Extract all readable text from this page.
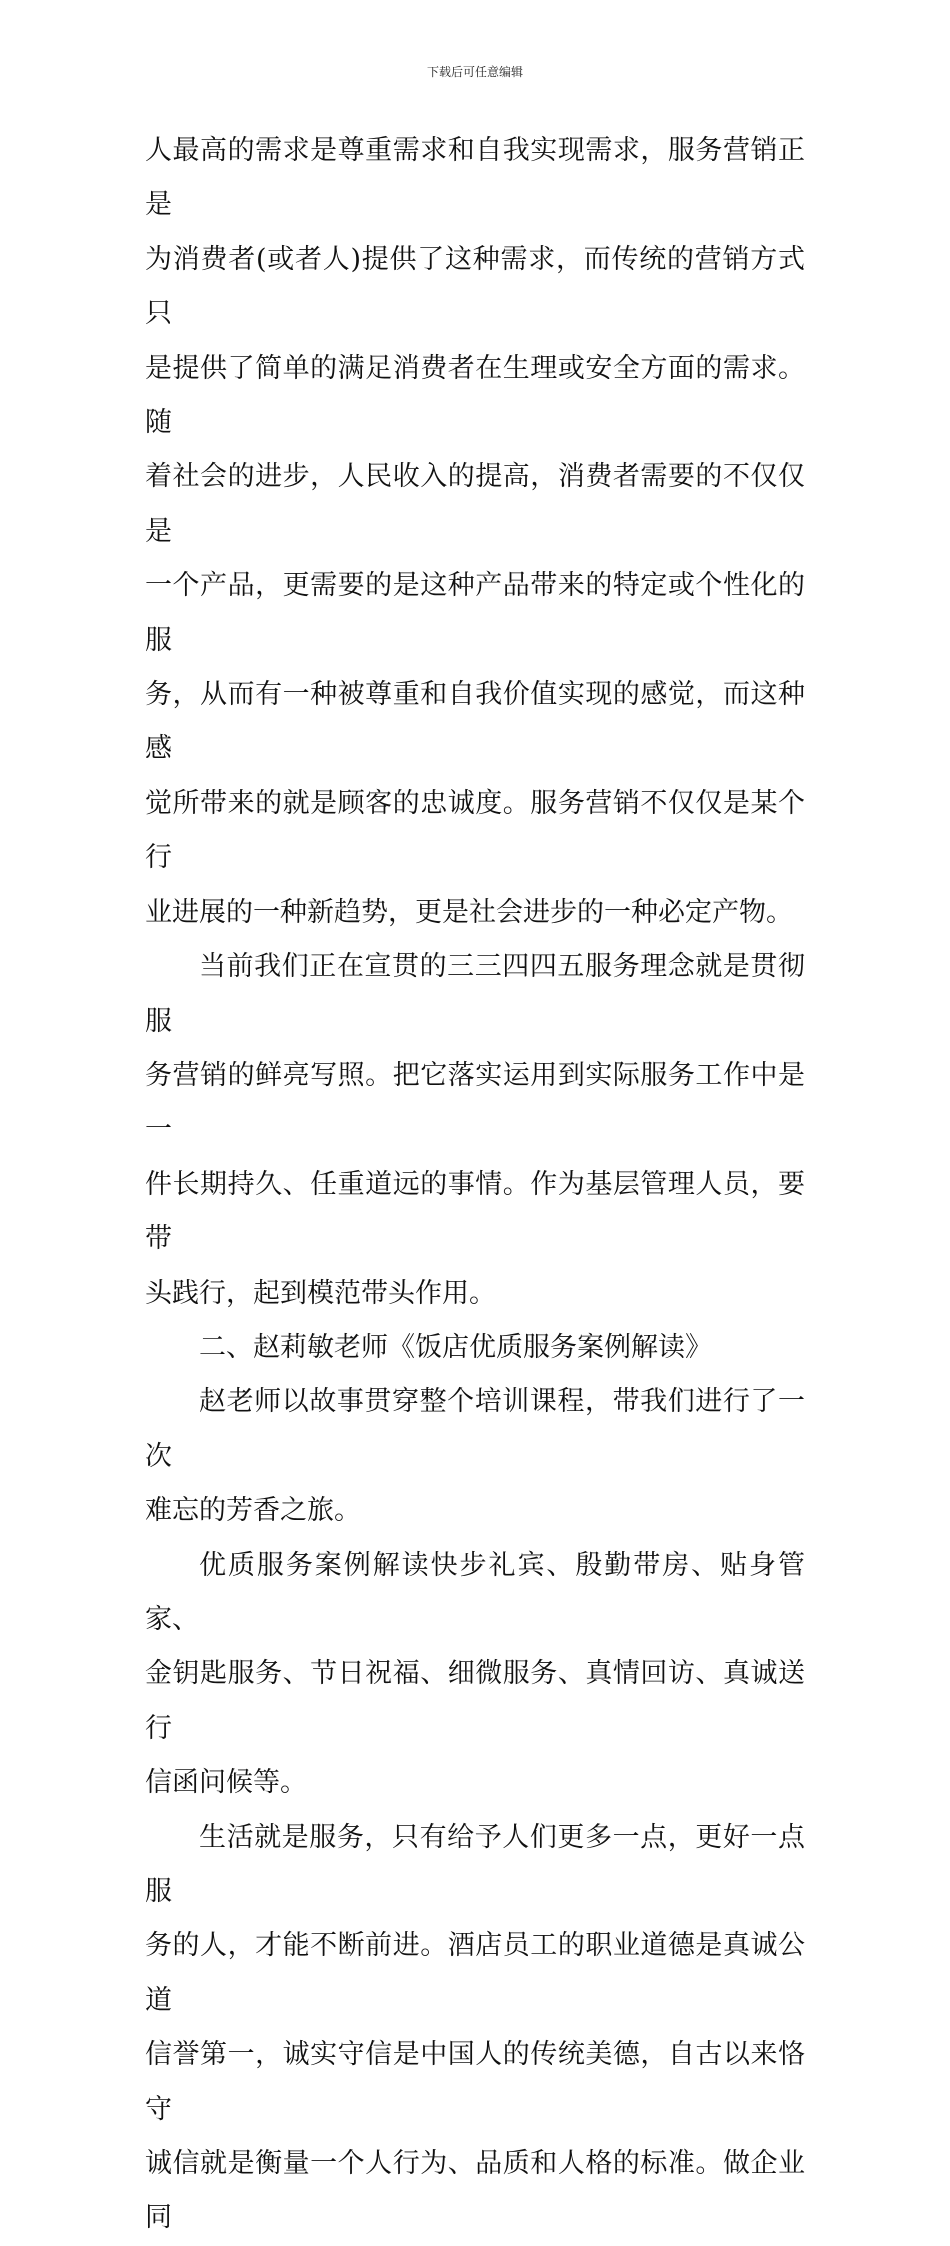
下载后可任意编辑

人最高的需求是尊重需求和自我实现需求，服务营销正是
为消费者(或者人)提供了这种需求，而传统的营销方式只
是提供了简单的满足消费者在生理或安全方面的需求。随
着社会的进步，人民收入的提高，消费者需要的不仅仅是
一个产品，更需要的是这种产品带来的特定或个性化的服
务，从而有一种被尊重和自我价值实现的感觉，而这种感
觉所带来的就是顾客的忠诚度。服务营销不仅仅是某个行
业进展的一种新趋势，更是社会进步的一种必定产物。

当前我们正在宣贯的三三四四五服务理念就是贯彻服
务营销的鲜亮写照。把它落实运用到实际服务工作中是一
件长期持久、任重道远的事情。作为基层管理人员，要带
头践行，起到模范带头作用。

二、赵莉敏老师《饭店优质服务案例解读》

赵老师以故事贯穿整个培训课程，带我们进行了一次
难忘的芳香之旅。

优质服务案例解读快步礼宾、殷勤带房、贴身管家、
金钥匙服务、节日祝福、细微服务、真情回访、真诚送行
信函问候等。

生活就是服务，只有给予人们更多一点，更好一点服
务的人，才能不断前进。酒店员工的职业道德是真诚公道
信誉第一，诚实守信是中国人的传统美德，自古以来恪守
诚信就是衡量一个人行为、品质和人格的标准。做企业同
